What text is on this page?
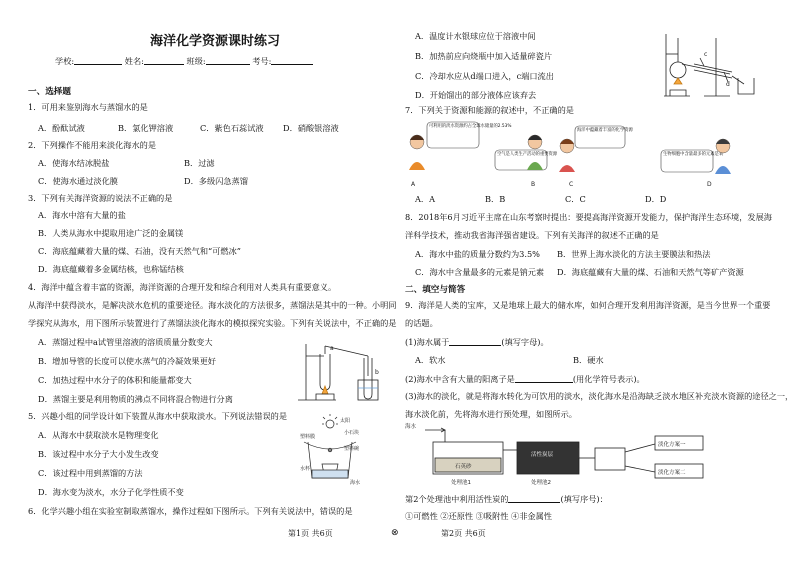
海洋化学资源课时练习
学校:	姓名:	班级:	考号:
一、选择题
1．可用来鉴别海水与蒸馏水的是
A．酚酞试液	B．氯化钾溶液	C．紫色石蕊试液 D．硝酸银溶液
2．下列操作不能用来淡化海水的是
A．使海水结冰脱盐	B．过滤
C．使海水通过淡化膜	D．多级闪急蒸馏
3．下列有关海洋资源的说法不正确的是
A．海水中溶有大量的盐
B．人类从海水中提取用途广泛的金属镁
C．海底蕴藏着大量的煤、石油，没有天然气和“可燃冰”
D．海底蕴藏着多金属结核，也称锰结核
4．海洋中蕴含着丰富的资源，海洋资源的合理开发和综合利用对人类具有重要意义。
从海洋中获得淡水，是解决淡水危机的重要途径。海水淡化的方法很多，蒸馏法是其中的一种。小明同
学探究从海水，用下图所示装置进行了蒸馏法淡化海水的模拟探究实验。下列有关说法中，不正确的是
A．蒸馏过程中a试管里溶液的溶质质量分数变大
B．增加导管的长度可以使水蒸气的冷凝效果更好
C．加热过程中水分子的体积和能量都变大
D．蒸馏主要是利用物质的沸点不同将混合物进行分离
a
b
5．兴趣小组的同学设计如下装置从海水中获取淡水。下列说法错误的是
A．从海水中获取淡水是物理变化
B．该过程中水分子大小发生改变
C．该过程中用到蒸馏的方法
D．海水变为淡水，水分子化学性质不变
太阳
塑料膜
小石块
塑料碗
水杯
海水
6．化学兴趣小组在实验室制取蒸馏水，操作过程如下图所示。下列有关说法中，错误的是
第1页 共6页	⊗
A．温度计水银球应位于溶液中间
B．加热前应向烧瓶中加入适量碎瓷片
C．冷却水应从d端口进入，c端口流出
D．开始馏出的部分液体应该弃去
c
d
7．下列关于资源和能源的叙述中，不正确的是
可利用的淡水资源约占全球水储量的2.53%
空气是人类生产活动的重要资源
海洋中蕴藏着丰富的化学资源
生物细胞中含量最多的元素是氧
A	B	C	D
A．A	B．B	C．C	D．D
8．2018年6月习近平主席在山东考察时提出：要提高海洋资源开发能力，保护海洋生态环境，发展海
洋科学技术，推动我省海洋强省建设。下列有关海洋的叙述不正确的是
A．海水中盐的质量分数约为3.5% B．世界上海水淡化的方法主要膜法和热法
C．海水中含量最多的元素是钠元素 D．海底蕴藏有大量的煤、石油和天然气等矿产资源
二、填空与简答
9．海洋是人类的宝库，又是地球上最大的储水库，如何合理开发利用海洋资源，是当今世界一个重要
的话题。
(1)海水属于	(填写字母)。
A．软水	B．硬水
(2)海水中含有大量的阳离子是	(用化学符号表示)。
(3)海水的淡化，就是将海水转化为可饮用的淡水，淡化海水是沿海缺乏淡水地区补充淡水资源的途径之一，
海水淡化前，先将海水进行预处理，如图所示。
海水
石英砂
活性炭层
处理池1	处理池2
淡化方案一
淡化方案二
第2个处理池中利用活性炭的	(填写序号)：
①可燃性 ②还原性 ③吸附性 ④非金属性
第2页 共6页
